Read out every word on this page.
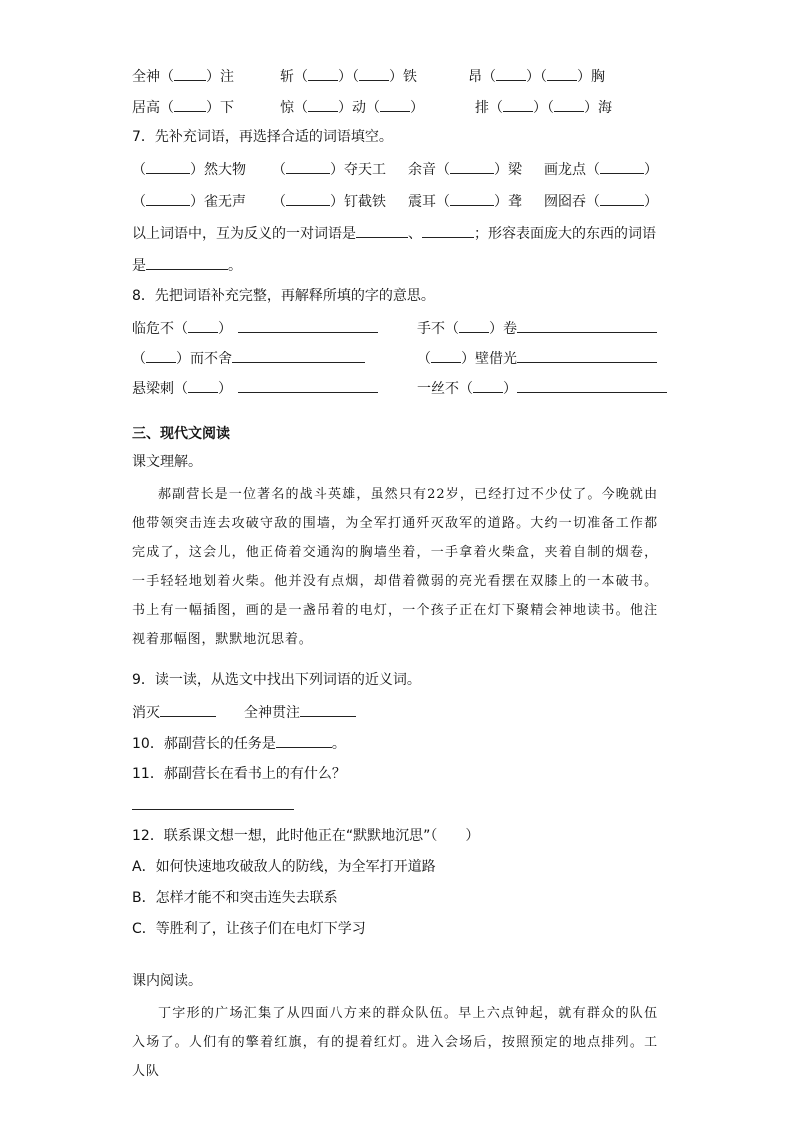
全神（ ）注	斩（ ）（ ）铁	昂（ ）（ ）胸
居高（ ）下	惊（ ）动（ ）	排（ ）（ ）海
7．先补充词语，再选择合适的词语填空。
（	）然大物 （	）夺天工 余音（	）梁 画龙点（	）
（	）雀无声 （	）钉截铁 震耳（	）聋 囫囵吞（	）
以上词语中，互为反义的一对词语是	、	；形容表面庞大的东西的词语
是	。
8．先把词语补充完整，再解释所填的字的意思。
临危不（ ）	手不（ ）卷
（ ）而不舍	（ ）壁借光
悬梁刺（ ）	一丝不（ ）
三、现代文阅读
课文理解。
郝副营长是一位著名的战斗英雄，虽然只有22岁，已经打过不少仗了。今晚就由他带领突击连去攻破守敌的围墙，为全军打通歼灭敌军的道路。大约一切准备工作都完成了，这会儿，他正倚着交通沟的胸墙坐着，一手拿着火柴盒，夹着自制的烟卷，一手轻轻地划着火柴。他并没有点烟，却借着微弱的亮光看摆在双膝上的一本破书。书上有一幅插图，画的是一盏吊着的电灯，一个孩子正在灯下聚精会神地读书。他注视着那幅图，默默地沉思着。
9．读一读，从选文中找出下列词语的近义词。
消灭	全神贯注
10．郝副营长的任务是	。
11．郝副营长在看书上的有什么？
12．联系课文想一想，此时他正在“默默地沉思”（　　）
A．如何快速地攻破敌人的防线，为全军打开道路
B．怎样才能不和突击连失去联系
C．等胜利了，让孩子们在电灯下学习
课内阅读。
丁字形的广场汇集了从四面八方来的群众队伍。早上六点钟起，就有群众的队伍入场了。人们有的擎着红旗，有的提着红灯。进入会场后，按照预定的地点排列。工人队
